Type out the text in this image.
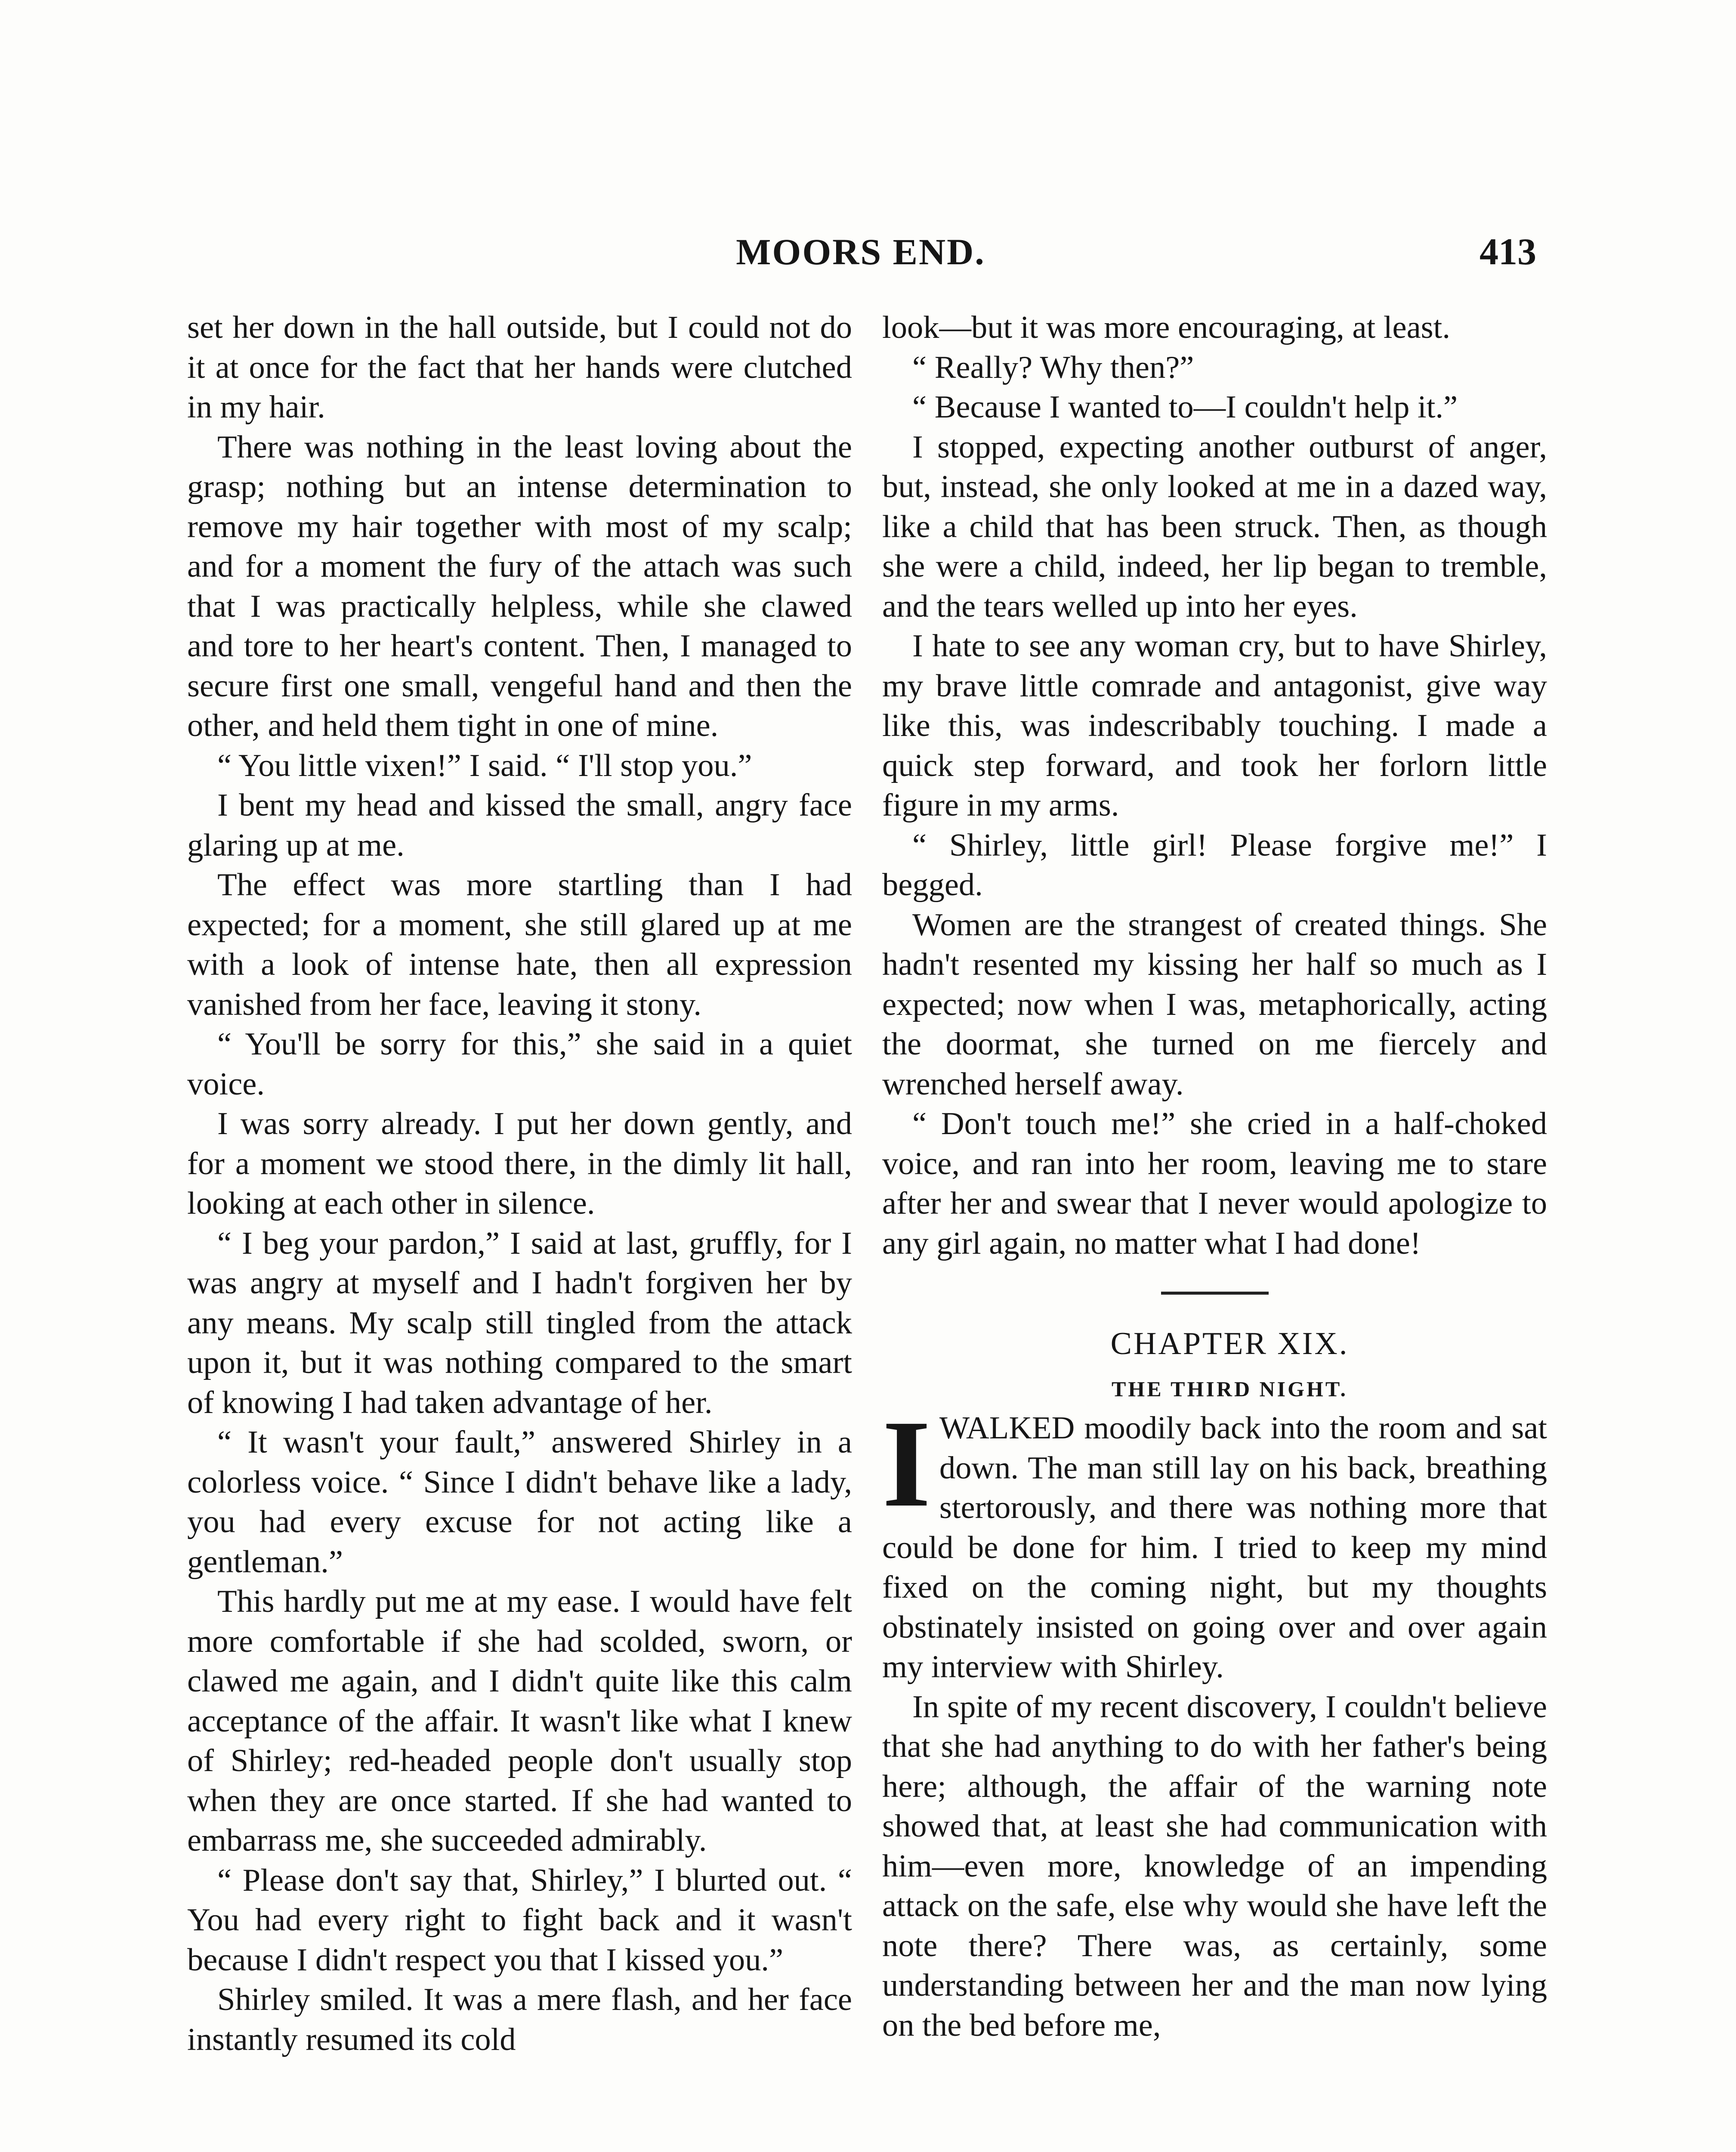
MOORS END.	413

set her down in the hall outside, but I could not do it at once for the fact that her hands were clutched in my hair.

There was nothing in the least loving about the grasp; nothing but an intense determination to remove my hair together with most of my scalp; and for a moment the fury of the attach was such that I was practically helpless, while she clawed and tore to her heart's content. Then, I managed to secure first one small, vengeful hand and then the other, and held them tight in one of mine.

“ You little vixen!” I said. “ I'll stop you.”

I bent my head and kissed the small, angry face glaring up at me.

The effect was more startling than I had expected; for a moment, she still glared up at me with a look of intense hate, then all expression vanished from her face, leaving it stony.

“ You'll be sorry for this,” she said in a quiet voice.

I was sorry already. I put her down gently, and for a moment we stood there, in the dimly lit hall, looking at each other in silence.

“ I beg your pardon,” I said at last, gruffly, for I was angry at myself and I hadn't forgiven her by any means. My scalp still tingled from the attack upon it, but it was nothing compared to the smart of knowing I had taken advantage of her.

“ It wasn't your fault,” answered Shirley in a colorless voice. “ Since I didn't behave like a lady, you had every excuse for not acting like a gentleman.”

This hardly put me at my ease. I would have felt more comfortable if she had scolded, sworn, or clawed me again, and I didn't quite like this calm acceptance of the affair. It wasn't like what I knew of Shirley; red-headed people don't usually stop when they are once started. If she had wanted to embarrass me, she succeeded admirably.

“ Please don't say that, Shirley,” I blurted out. “ You had every right to fight back and it wasn't because I didn't respect you that I kissed you.”

Shirley smiled. It was a mere flash, and her face instantly resumed its cold

look—but it was more encouraging, at least.

“ Really? Why then?”

“ Because I wanted to—I couldn't help it.”

I stopped, expecting another outburst of anger, but, instead, she only looked at me in a dazed way, like a child that has been struck. Then, as though she were a child, indeed, her lip began to tremble, and the tears welled up into her eyes.

I hate to see any woman cry, but to have Shirley, my brave little comrade and antagonist, give way like this, was indescribably touching. I made a quick step forward, and took her forlorn little figure in my arms.

“ Shirley, little girl! Please forgive me!” I begged.

Women are the strangest of created things. She hadn't resented my kissing her half so much as I expected; now when I was, metaphorically, acting the doormat, she turned on me fiercely and wrenched herself away.

“ Don't touch me!” she cried in a half-choked voice, and ran into her room, leaving me to stare after her and swear that I never would apologize to any girl again, no matter what I had done!

CHAPTER XIX.

THE THIRD NIGHT.

IWALKED moodily back into the room and sat down. The man still lay on his back, breathing stertorously, and there was nothing more that could be done for him. I tried to keep my mind fixed on the coming night, but my thoughts obstinately insisted on going over and over again my interview with Shirley.

In spite of my recent discovery, I couldn't believe that she had anything to do with her father's being here; although, the affair of the warning note showed that, at least she had communication with him—even more, knowledge of an impending attack on the safe, else why would she have left the note there? There was, as certainly, some understanding between her and the man now lying on the bed before me,
